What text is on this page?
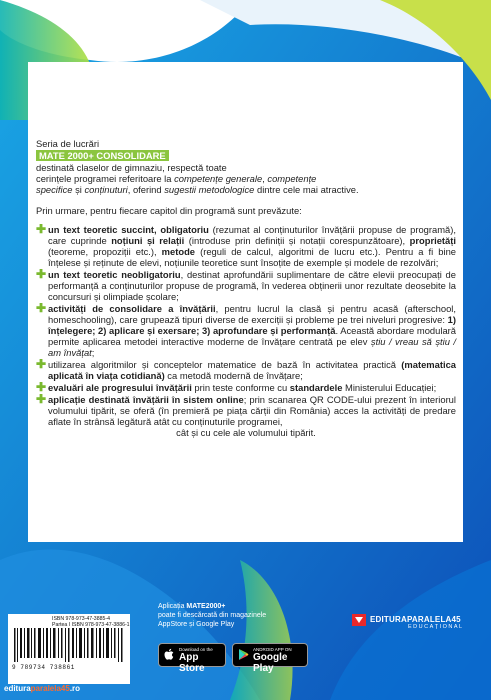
Seria de lucrări

MATE 2000+ CONSOLIDARE

destinată claselor de gimnaziu, respectă toate
cerințele programei referitoare la competențe generale, competențe
specifice și conținuturi, oferind sugestii metodologice dintre cele mai atractive.

Prin urmare, pentru fiecare capitol din programă sunt prevăzute:

✚ un text teoretic succint, obligatoriu (rezumat al conținuturilor învățării propuse de programă), care cuprinde noțiuni și relații (introduse prin definiții și notații corespunzătoare), proprietăți (teoreme, propoziții etc.), metode (reguli de calcul, algoritmi de lucru etc.). Pentru a fi bine înțelese și reținute de elevi, noțiunile teoretice sunt însoțite de exemple și modele de rezolvări;

✚ un text teoretic neobligatoriu, destinat aprofundării suplimentare de către elevii preocupați de performanță a conținuturilor propuse de programă, în vederea obținerii unor rezultate deosebite la concursuri și olimpiade școlare;

✚ activități de consolidare a învățării, pentru lucrul la clasă și pentru acasă (afterschool, homeschooling), care grupează tipuri diverse de exerciții și probleme pe trei niveluri progresive: 1) înțelegere; 2) aplicare și exersare; 3) aprofundare și performanță. Această abordare modulară permite aplicarea metodei interactive moderne de învățare centrată pe elev știu / vreau să știu / am învățat;

✚ utilizarea algoritmilor și conceptelor matematice de bază în activitatea practică (matematica aplicată în viața cotidiană) ca metodă modernă de învățare;

✚ evaluări ale progresului învățării prin teste conforme cu standardele Ministerului Educației;

✚ aplicație destinată învățării în sistem online; prin scanarea QR CODE-ului prezent în interiorul volumului tipărit, se oferă (în premieră pe piața cărții din România) acces la activități de predare aflate în strânsă legătură atât cu conținuturile programei,

cât și cu cele ale volumului tipărit.

ISBN 978-973-47-3885-4
Partea I ISBN 978-973-47-3886-1
9 789734 738861
edituraparalela45.ro
Aplicația MATE2000+
poate fi descărcată din magazinele
AppStore și Google Play
Download on the
App Store
ANDROID APP ON
Google Play
EDITURAPARALELA45
EDUCAȚIONAL
